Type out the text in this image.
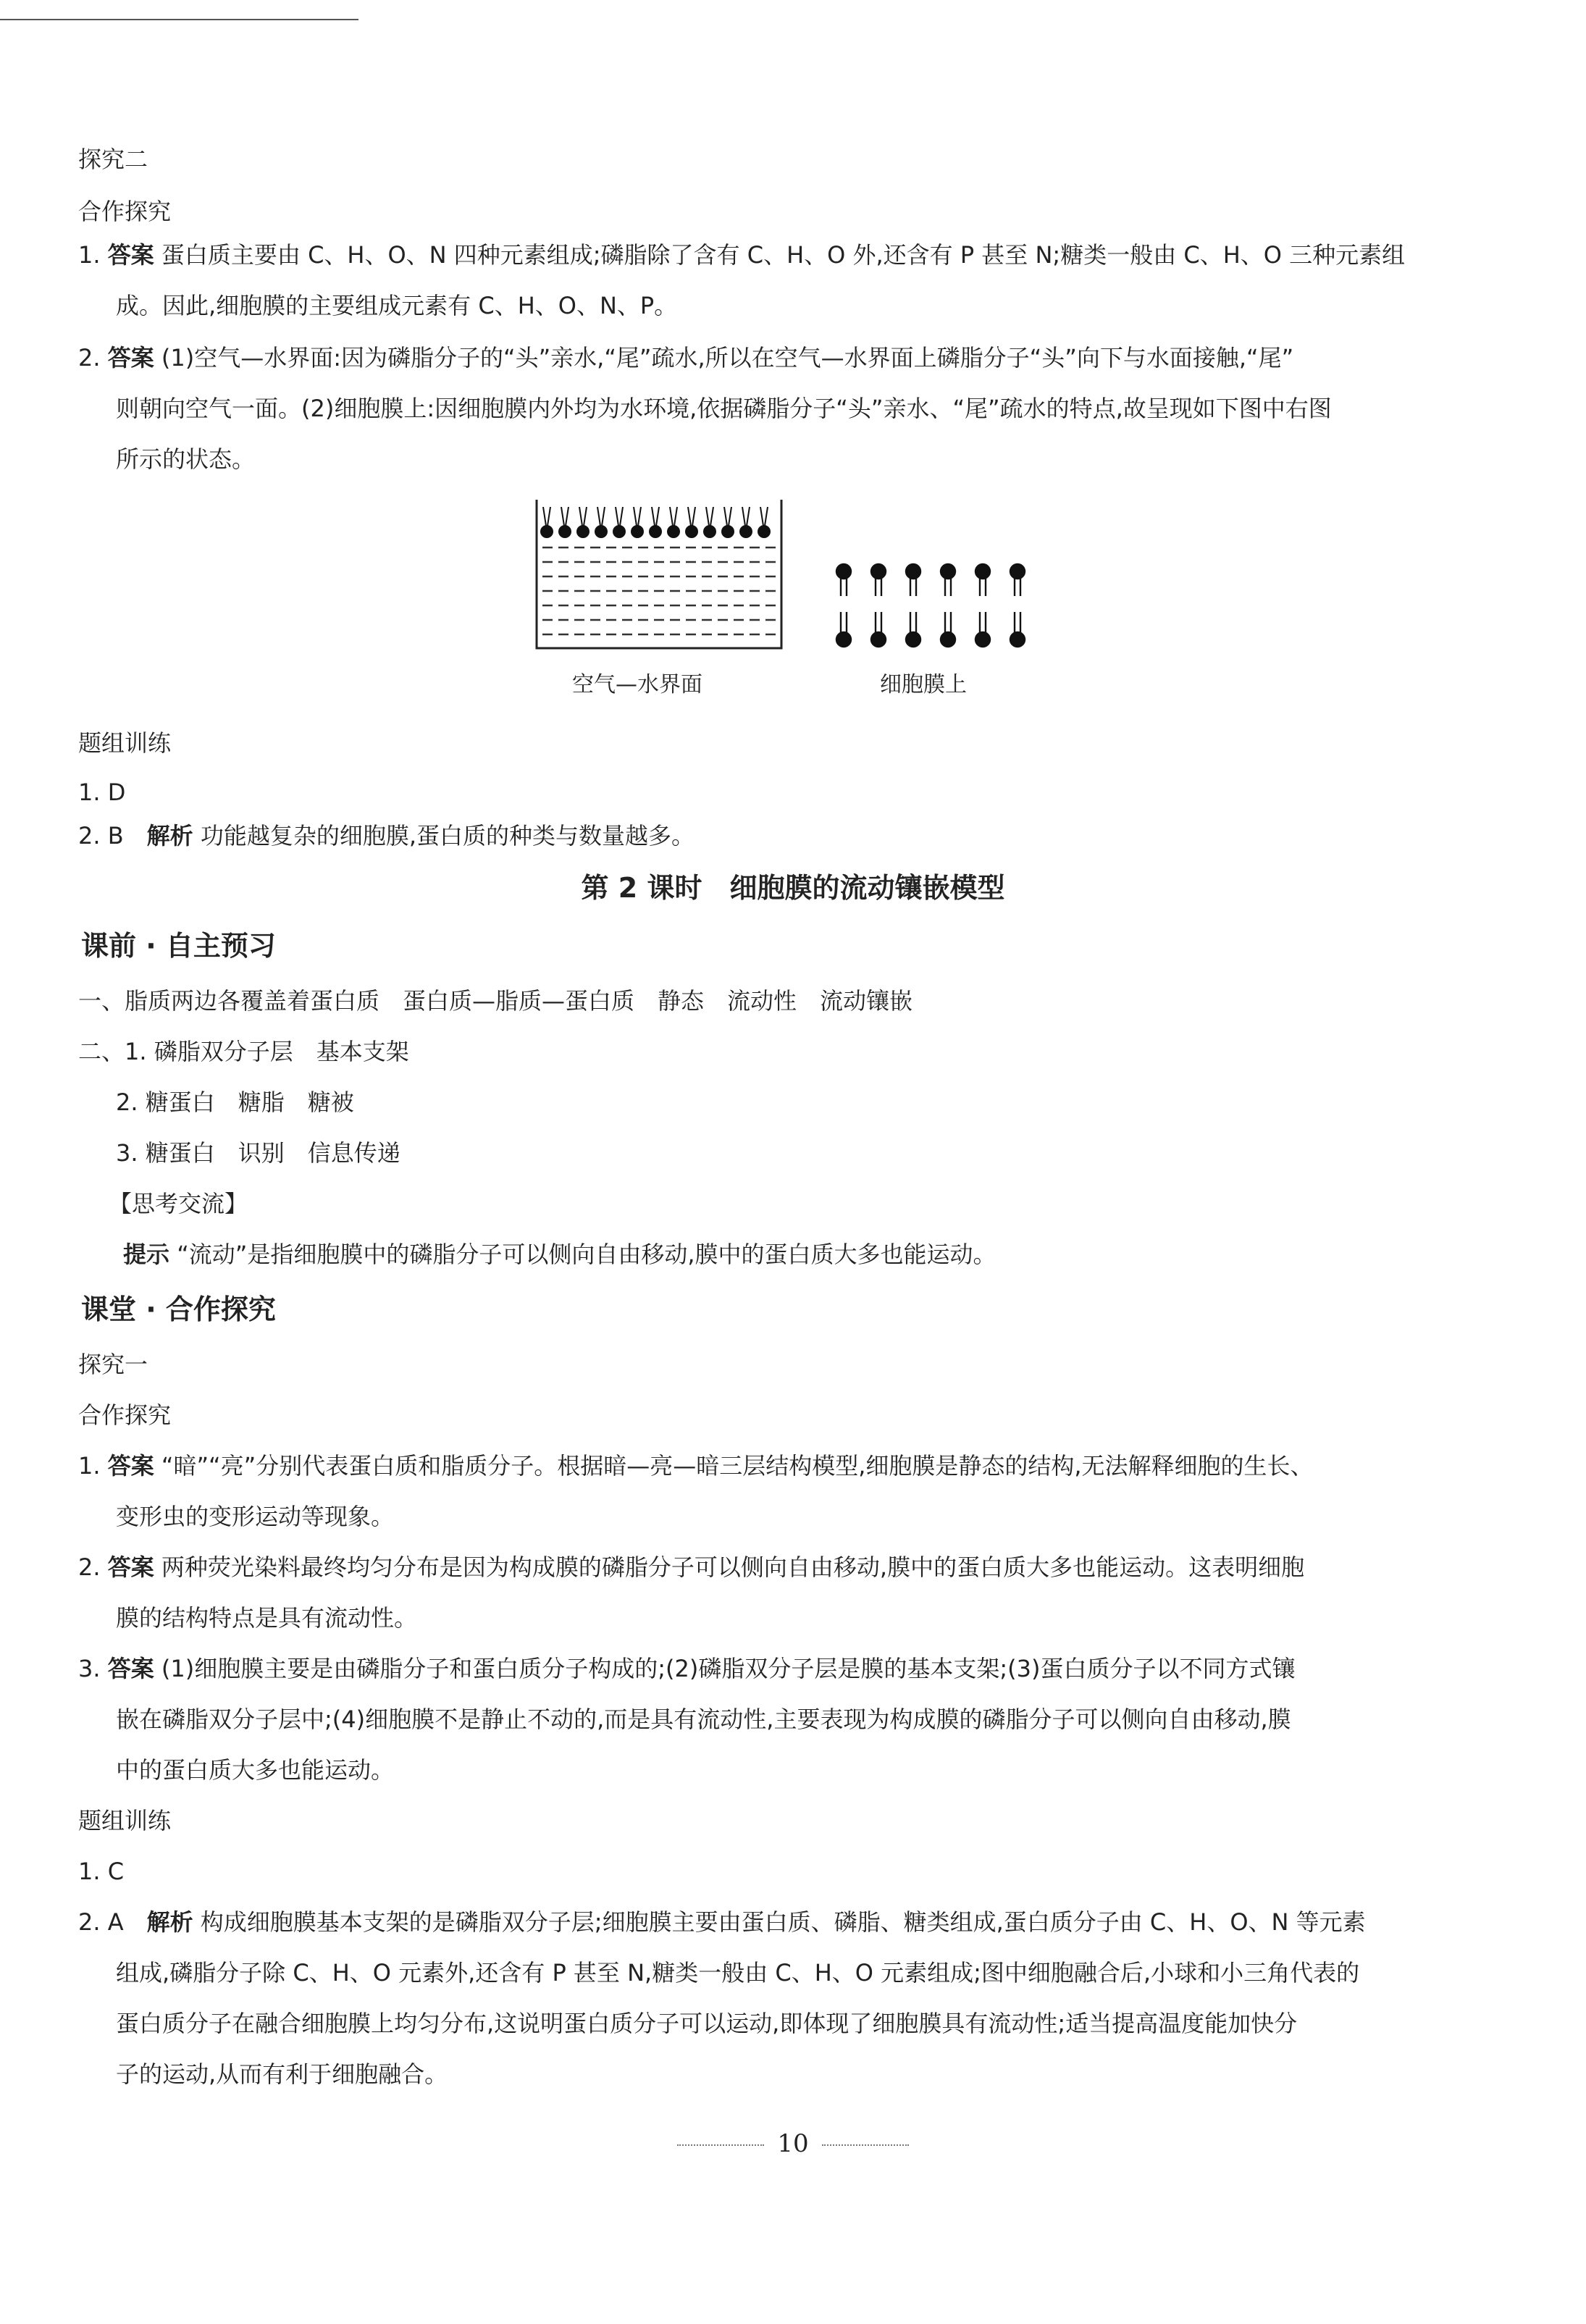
探究二
合作探究
1. 答案 蛋白质主要由 C、H、O、N 四种元素组成;磷脂除了含有 C、H、O 外,还含有 P 甚至 N;糖类一般由 C、H、O 三种元素组
成。因此,细胞膜的主要组成元素有 C、H、O、N、P。
2. 答案 (1)空气—水界面:因为磷脂分子的“头”亲水,“尾”疏水,所以在空气—水界面上磷脂分子“头”向下与水面接触,“尾”
则朝向空气一面。(2)细胞膜上:因细胞膜内外均为水环境,依据磷脂分子“头”亲水、“尾”疏水的特点,故呈现如下图中右图
所示的状态。
空气—水界面	细胞膜上
题组训练
1. D
2. B　 解析 功能越复杂的细胞膜,蛋白质的种类与数量越多。
第 2 课时　细胞膜的流动镶嵌模型
课前 · 自主预习
一、脂质两边各覆盖着蛋白质　蛋白质—脂质—蛋白质　静态　流动性　流动镶嵌
二、1. 磷脂双分子层　基本支架
2. 糖蛋白　糖脂　糖被
3. 糖蛋白　识别　信息传递
【思考交流】
提示 “流动”是指细胞膜中的磷脂分子可以侧向自由移动,膜中的蛋白质大多也能运动。
课堂 · 合作探究
探究一
合作探究
1. 答案 “暗”“亮”分别代表蛋白质和脂质分子。根据暗—亮—暗三层结构模型,细胞膜是静态的结构,无法解释细胞的生长、
变形虫的变形运动等现象。
2. 答案 两种荧光染料最终均匀分布是因为构成膜的磷脂分子可以侧向自由移动,膜中的蛋白质大多也能运动。这表明细胞
膜的结构特点是具有流动性。
3. 答案 (1)细胞膜主要是由磷脂分子和蛋白质分子构成的;(2)磷脂双分子层是膜的基本支架;(3)蛋白质分子以不同方式镶
嵌在磷脂双分子层中;(4)细胞膜不是静止不动的,而是具有流动性,主要表现为构成膜的磷脂分子可以侧向自由移动,膜
中的蛋白质大多也能运动。
题组训练
1. C
2. A　 解析 构成细胞膜基本支架的是磷脂双分子层;细胞膜主要由蛋白质、磷脂、糖类组成,蛋白质分子由 C、H、O、N 等元素
组成,磷脂分子除 C、H、O 元素外,还含有 P 甚至 N,糖类一般由 C、H、O 元素组成;图中细胞融合后,小球和小三角代表的
蛋白质分子在融合细胞膜上均匀分布,这说明蛋白质分子可以运动,即体现了细胞膜具有流动性;适当提高温度能加快分
子的运动,从而有利于细胞融合。
10
